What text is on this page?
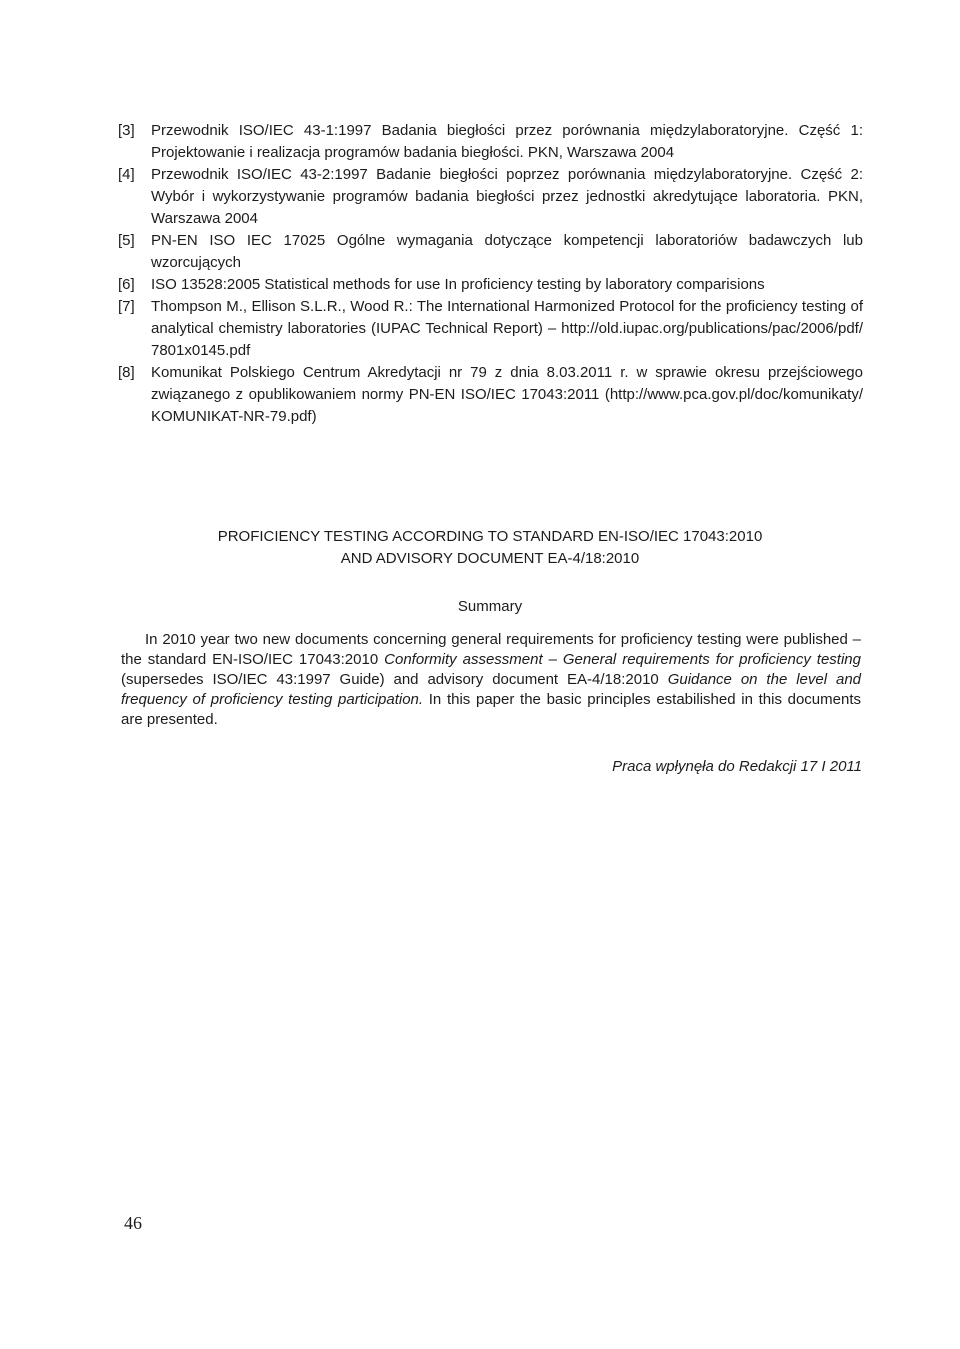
[3]	Przewodnik ISO/IEC 43-1:1997 Badania biegłości przez porównania międzylaboratoryjne. Część 1: Projektowanie i realizacja programów badania biegłości. PKN, Warszawa 2004
[4]	Przewodnik ISO/IEC 43-2:1997 Badanie biegłości poprzez porównania międzylaboratoryjne. Część 2: Wybór i wykorzystywanie programów badania biegłości przez jednostki akredytujące laboratoria. PKN, Warszawa 2004
[5]	PN-EN ISO IEC 17025 Ogólne wymagania dotyczące kompetencji laboratoriów badawczych lub wzorcujących
[6]	ISO 13528:2005 Statistical methods for use In proficiency testing by laboratory comparisions
[7]	Thompson M., Ellison S.L.R., Wood R.: The International Harmonized Protocol for the proficiency testing of analytical chemistry laboratories (IUPAC Technical Report) – http://old.iupac.org/publications/pac/2006/pdf/7801x0145.pdf
[8]	Komunikat Polskiego Centrum Akredytacji nr 79 z dnia 8.03.2011 r. w sprawie okresu przejściowego związanego z opublikowaniem normy PN-EN ISO/IEC 17043:2011 (http://www.pca.gov.pl/doc/komunikaty/KOMUNIKAT-NR-79.pdf)
PROFICIENCY TESTING ACCORDING TO STANDARD EN-ISO/IEC 17043:2010
AND ADVISORY DOCUMENT EA-4/18:2010
Summary

In 2010 year two new documents concerning general requirements for proficiency testing were published – the standard EN-ISO/IEC 17043:2010 Conformity assessment – General requirements for proficiency testing (supersedes ISO/IEC 43:1997 Guide) and advisory document EA-4/18:2010 Guidance on the level and frequency of proficiency testing participation. In this paper the basic principles estabilished in this documents are presented.

Praca wpłynęła do Redakcji 17 I 2011

46
